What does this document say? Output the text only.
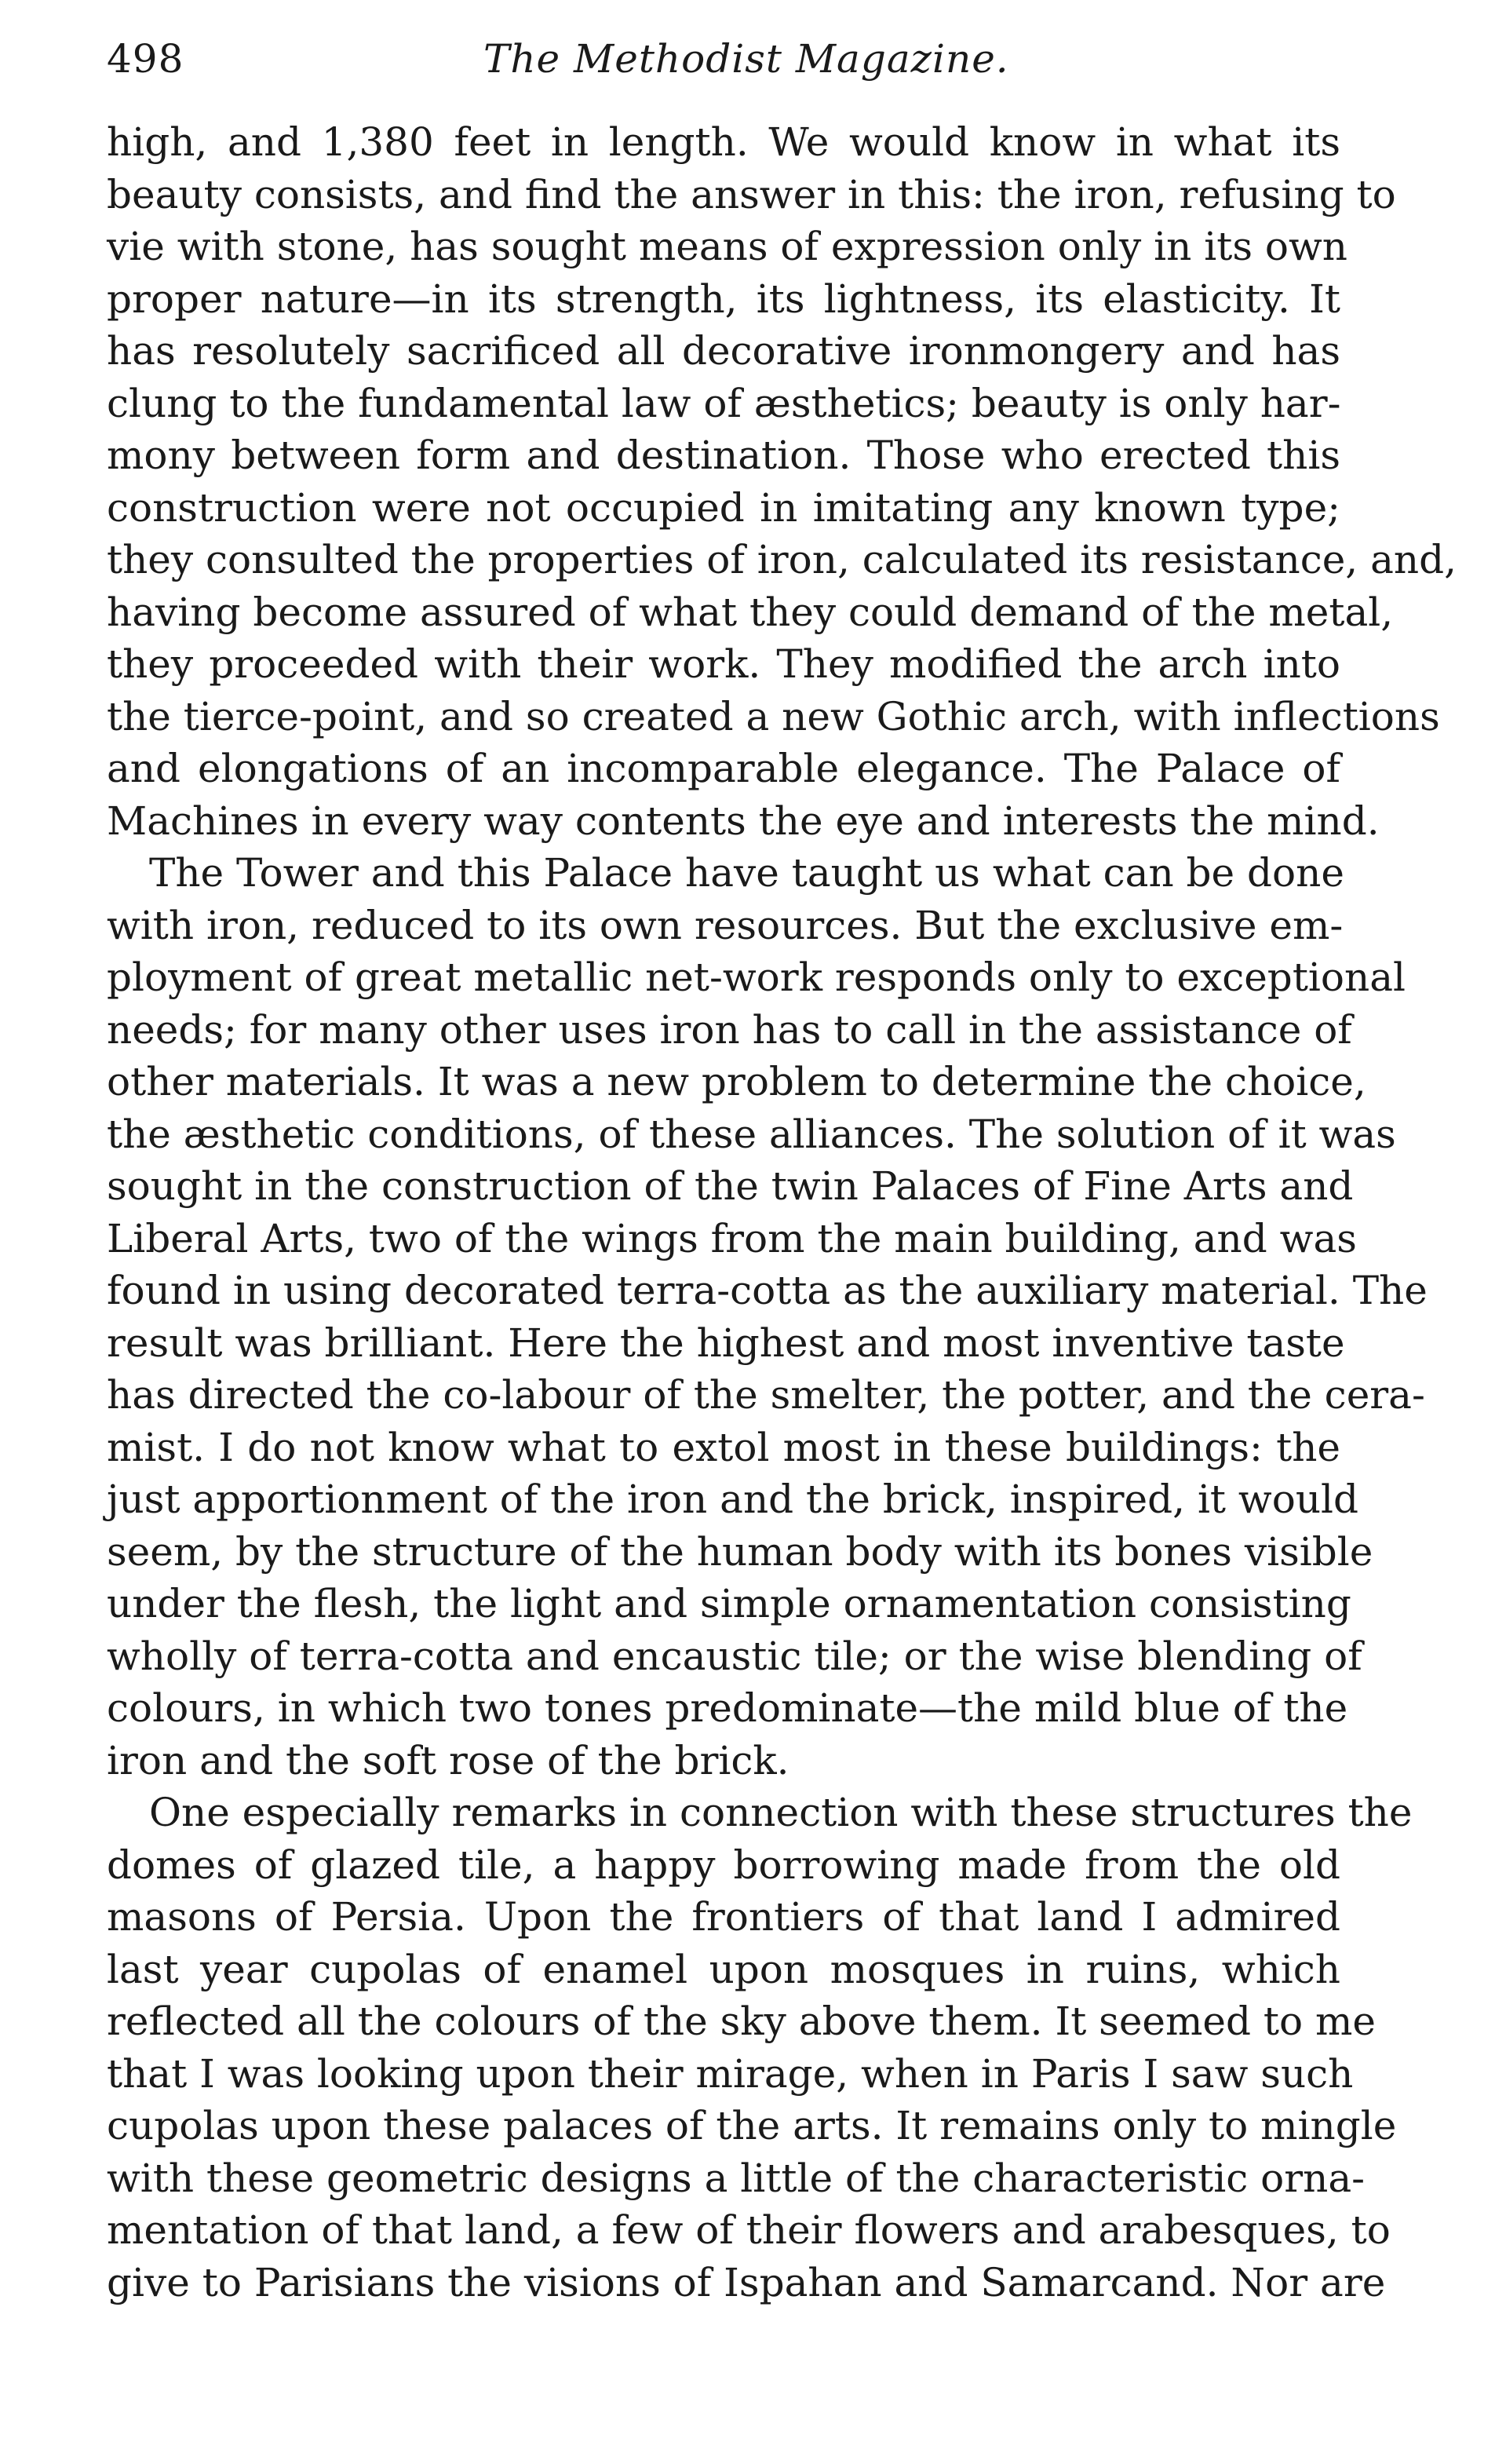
498	The Methodist Magazine.

high, and 1,380 feet in length. We would know in what its
beauty consists, and find the answer in this: the iron, refusing to
vie with stone, has sought means of expression only in its own
proper nature—in its strength, its lightness, its elasticity. It
has resolutely sacrificed all decorative ironmongery and has
clung to the fundamental law of æsthetics; beauty is only har-
mony between form and destination. Those who erected this
construction were not occupied in imitating any known type;
they consulted the properties of iron, calculated its resistance, and,
having become assured of what they could demand of the metal,
they proceeded with their work. They modified the arch into
the tierce-point, and so created a new Gothic arch, with inflections
and elongations of an incomparable elegance. The Palace of
Machines in every way contents the eye and interests the mind.

The Tower and this Palace have taught us what can be done
with iron, reduced to its own resources. But the exclusive em-
ployment of great metallic net-work responds only to exceptional
needs; for many other uses iron has to call in the assistance of
other materials. It was a new problem to determine the choice,
the æsthetic conditions, of these alliances. The solution of it was
sought in the construction of the twin Palaces of Fine Arts and
Liberal Arts, two of the wings from the main building, and was
found in using decorated terra-cotta as the auxiliary material. The
result was brilliant. Here the highest and most inventive taste
has directed the co-labour of the smelter, the potter, and the cera-
mist. I do not know what to extol most in these buildings: the
just apportionment of the iron and the brick, inspired, it would
seem, by the structure of the human body with its bones visible
under the flesh, the light and simple ornamentation consisting
wholly of terra-cotta and encaustic tile; or the wise blending of
colours, in which two tones predominate—the mild blue of the
iron and the soft rose of the brick.

One especially remarks in connection with these structures the
domes of glazed tile, a happy borrowing made from the old
masons of Persia. Upon the frontiers of that land I admired
last year cupolas of enamel upon mosques in ruins, which
reflected all the colours of the sky above them. It seemed to me
that I was looking upon their mirage, when in Paris I saw such
cupolas upon these palaces of the arts. It remains only to mingle
with these geometric designs a little of the characteristic orna-
mentation of that land, a few of their flowers and arabesques, to
give to Parisians the visions of Ispahan and Samarcand. Nor are
